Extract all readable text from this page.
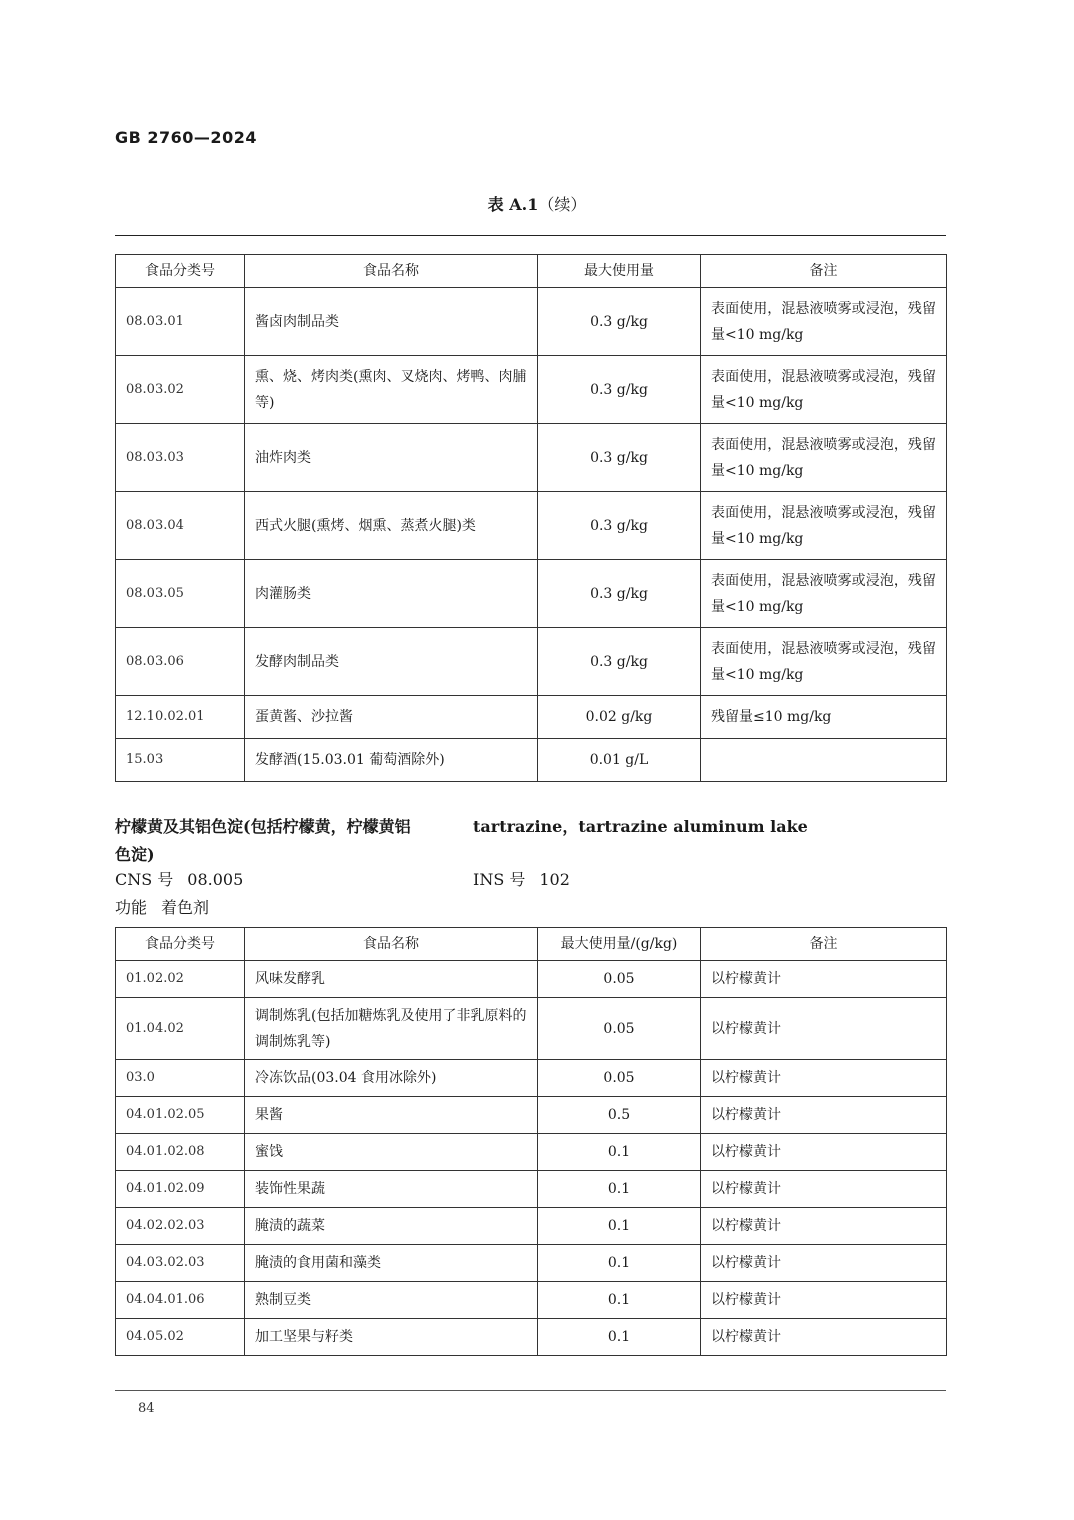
GB 2760—2024
表 A.1（续）
食品分类号	食品名称	最大使用量	备注
08.03.01	酱卤肉制品类	0.3 g/kg	表面使用，混悬液喷雾或浸泡，残留量<10 mg/kg
08.03.02	熏、烧、烤肉类(熏肉、叉烧肉、烤鸭、肉脯等)	0.3 g/kg	表面使用，混悬液喷雾或浸泡，残留量<10 mg/kg
08.03.03	油炸肉类	0.3 g/kg	表面使用，混悬液喷雾或浸泡，残留量<10 mg/kg
08.03.04	西式火腿(熏烤、烟熏、蒸煮火腿)类	0.3 g/kg	表面使用，混悬液喷雾或浸泡，残留量<10 mg/kg
08.03.05	肉灌肠类	0.3 g/kg	表面使用，混悬液喷雾或浸泡，残留量<10 mg/kg
08.03.06	发酵肉制品类	0.3 g/kg	表面使用，混悬液喷雾或浸泡，残留量<10 mg/kg
12.10.02.01	蛋黄酱、沙拉酱	0.02 g/kg	残留量≤10 mg/kg
15.03	发酵酒(15.03.01 葡萄酒除外)	0.01 g/L	
柠檬黄及其铝色淀(包括柠檬黄，柠檬黄铝
色淀)
tartrazine，tartrazine aluminum lake
CNS 号 08.005	INS 号 102
功能 着色剂
食品分类号	食品名称	最大使用量/(g/kg)	备注
01.02.02	风味发酵乳	0.05	以柠檬黄计
01.04.02	调制炼乳(包括加糖炼乳及使用了非乳原料的调制炼乳等)	0.05	以柠檬黄计
03.0	冷冻饮品(03.04 食用冰除外)	0.05	以柠檬黄计
04.01.02.05	果酱	0.5	以柠檬黄计
04.01.02.08	蜜饯	0.1	以柠檬黄计
04.01.02.09	装饰性果蔬	0.1	以柠檬黄计
04.02.02.03	腌渍的蔬菜	0.1	以柠檬黄计
04.03.02.03	腌渍的食用菌和藻类	0.1	以柠檬黄计
04.04.01.06	熟制豆类	0.1	以柠檬黄计
04.05.02	加工坚果与籽类	0.1	以柠檬黄计
84
